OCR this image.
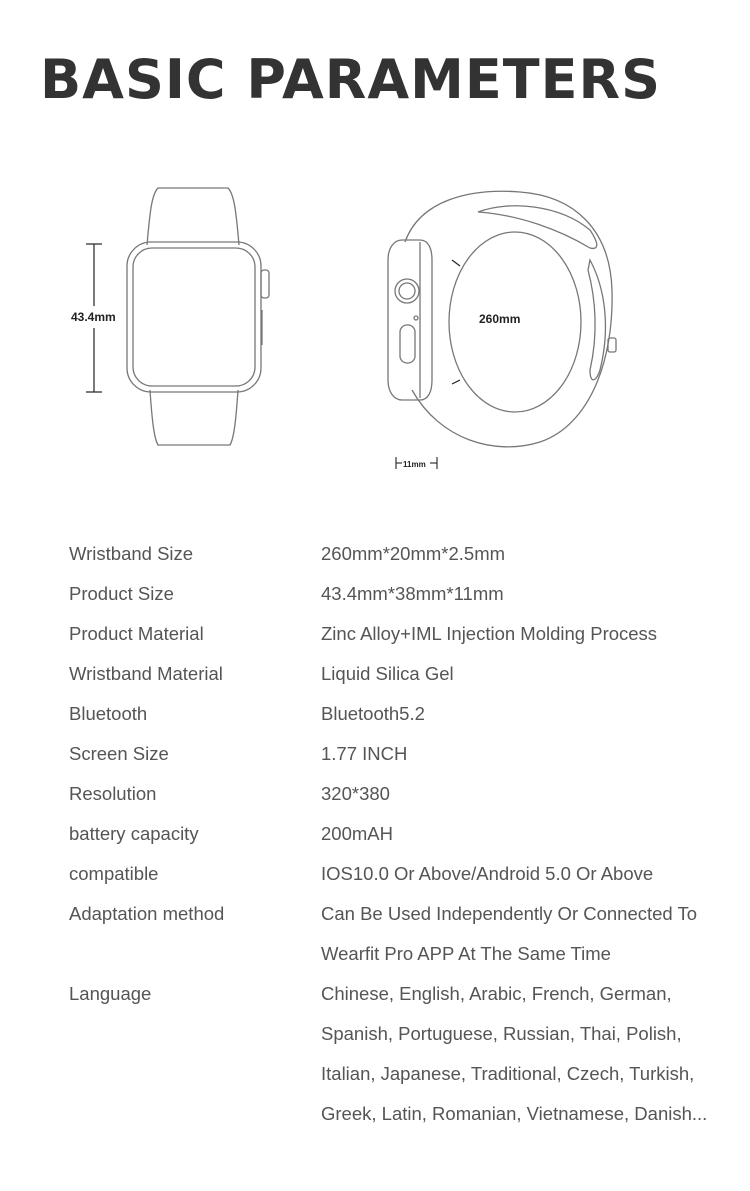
BASIC PARAMETERS
43.4mm	260mm
11mm
Wristband Size	260mm*20mm*2.5mm
Product Size	43.4mm*38mm*11mm
Product Material	Zinc Alloy+IML Injection Molding Process
Wristband Material	Liquid Silica Gel
Bluetooth	Bluetooth5.2
Screen Size	1.77 INCH
Resolution	320*380
battery capacity	200mAH
compatible	IOS10.0 Or Above/Android 5.0 Or Above
Adaptation method	Can Be Used Independently Or Connected To
Wearfit Pro APP At The Same Time
Language	Chinese, English, Arabic, French, German,
Spanish, Portuguese, Russian, Thai, Polish,
Italian, Japanese, Traditional, Czech, Turkish,
Greek, Latin, Romanian, Vietnamese, Danish...
